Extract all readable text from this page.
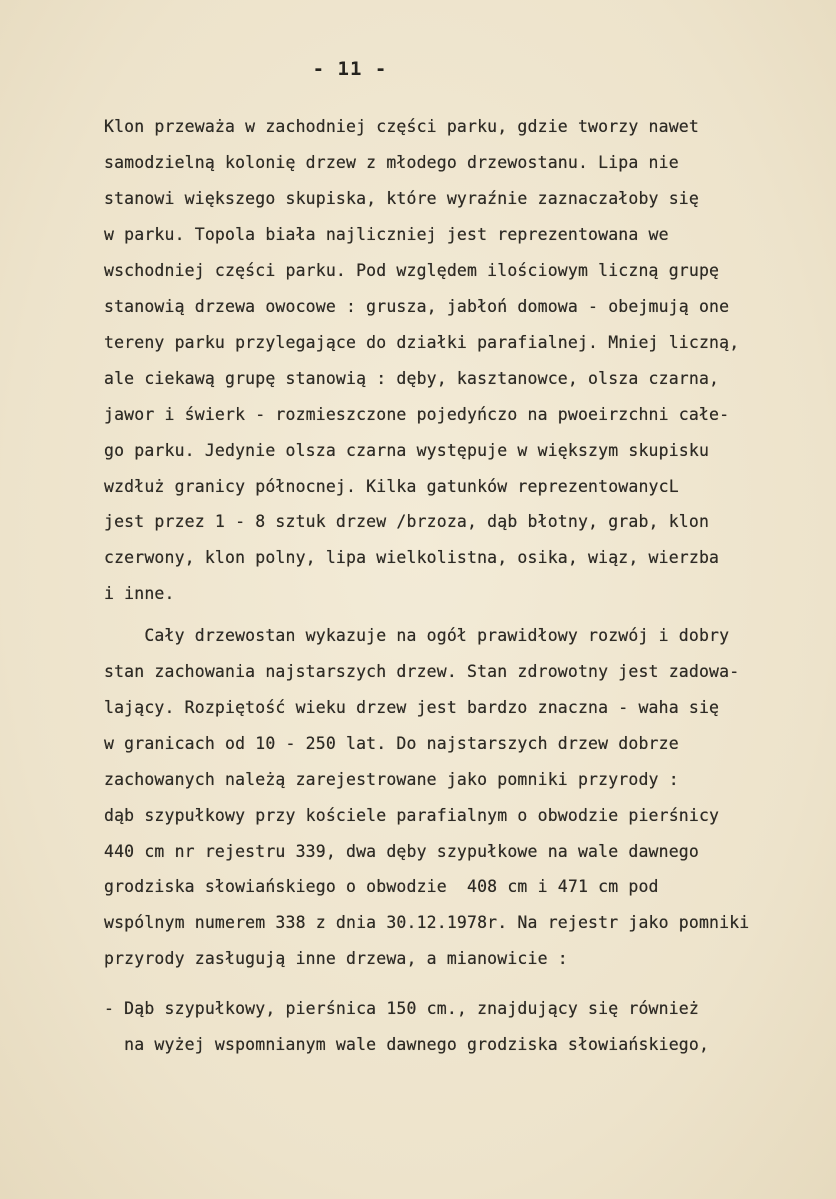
- 11 -
Klon przeważa w zachodniej części parku, gdzie tworzy nawet
samodzielną kolonię drzew z młodego drzewostanu. Lipa nie
stanowi większego skupiska, które wyraźnie zaznaczałoby się
w parku. Topola biała najliczniej jest reprezentowana we
wschodniej części parku. Pod względem ilościowym liczną grupę
stanowią drzewa owocowe : grusza, jabłoń domowa - obejmują one
tereny parku przylegające do działki parafialnej. Mniej liczną,
ale ciekawą grupę stanowią : dęby, kasztanowce, olsza czarna,
jawor i świerk - rozmieszczone pojedyńczo na pwoeirzchni całe-
go parku. Jedynie olsza czarna występuje w większym skupisku
wzdłuż granicy północnej. Kilka gatunków reprezentowanycL
jest przez 1 - 8 sztuk drzew /brzoza, dąb błotny, grab, klon
czerwony, klon polny, lipa wielkolistna, osika, wiąz, wierzba
i inne.
Cały drzewostan wykazuje na ogół prawidłowy rozwój i dobry
stan zachowania najstarszych drzew. Stan zdrowotny jest zadowa-
lający. Rozpiętość wieku drzew jest bardzo znaczna - waha się
w granicach od 10 - 250 lat. Do najstarszych drzew dobrze
zachowanych należą zarejestrowane jako pomniki przyrody :
dąb szypułkowy przy kościele parafialnym o obwodzie pierśnicy
440 cm nr rejestru 339, dwa dęby szypułkowe na wale dawnego
grodziska słowiańskiego o obwodzie  408 cm i 471 cm pod
wspólnym numerem 338 z dnia 30.12.1978r. Na rejestr jako pomniki
przyrody zasługują inne drzewa, a mianowicie :
- Dąb szypułkowy, pierśnica 150 cm., znajdujący się również
na wyżej wspomnianym wale dawnego grodziska słowiańskiego,
